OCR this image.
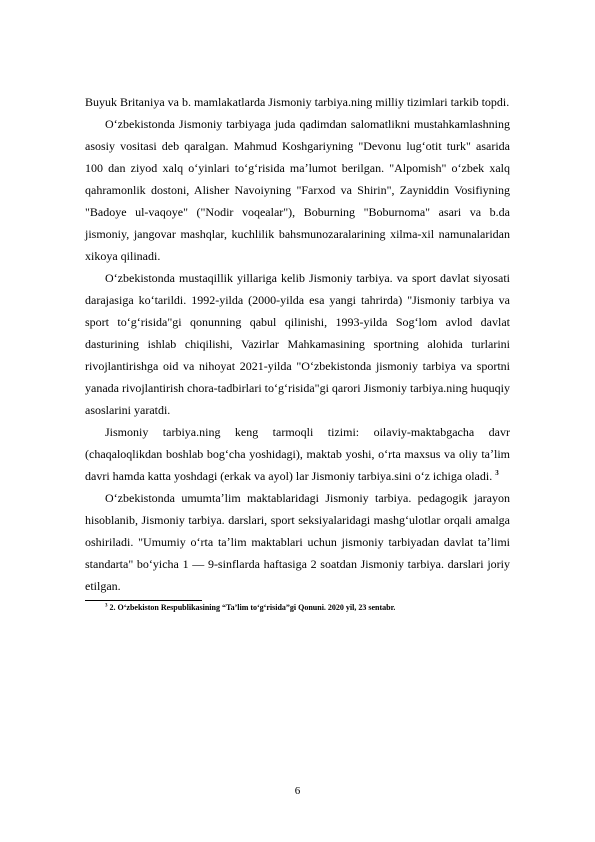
Buyuk Britaniya va b. mamlakatlarda Jismoniy tarbiya.ning milliy tizimlari tarkib topdi.

O‘zbekistonda Jismoniy tarbiyaga juda qadimdan salomatlikni mustahkamlashning asosiy vositasi deb qaralgan. Mahmud Koshgariyning "Devonu lug‘otit turk" asarida 100 dan ziyod xalq o‘yinlari to‘g‘risida maʼlumot berilgan. "Alpomish" o‘zbek xalq qahramonlik dostoni, Alisher Navoiyning "Farxod va Shirin", Zayniddin Vosifiyning "Badoye ul-vaqoye" ("Nodir voqealar"), Boburning "Boburnoma" asari va b.da jismoniy, jangovar mashqlar, kuchlilik bahsmunozaralarining xilma-xil namunalaridan xikoya qilinadi.

O‘zbekistonda mustaqillik yillariga kelib Jismoniy tarbiya. va sport davlat siyosati darajasiga ko‘tarildi. 1992-yilda (2000-yilda esa yangi tahrirda) "Jismoniy tarbiya va sport to‘g‘risida"gi qonunning qabul qilinishi, 1993-yilda Sog‘lom avlod davlat dasturining ishlab chiqilishi, Vazirlar Mahkamasining sportning alohida turlarini rivojlantirishga oid va nihoyat 2021-yilda "O‘zbekistonda jismoniy tarbiya va sportni yanada rivojlantirish chora-tadbirlari to‘g‘risida"gi qarori Jismoniy tarbiya.ning huquqiy asoslarini yaratdi.

Jismoniy tarbiya.ning keng tarmoqli tizimi: oilaviy-maktabgacha davr (chaqaloqlikdan boshlab bog‘cha yoshidagi), maktab yoshi, o‘rta maxsus va oliy taʼlim davri hamda katta yoshdagi (erkak va ayol) lar Jismoniy tarbiya.sini o‘z ichiga oladi. $^3$

O‘zbekistonda umumtaʼlim maktablaridagi Jismoniy tarbiya. pedagogik jarayon hisoblanib, Jismoniy tarbiya. darslari, sport seksiyalaridagi mashg‘ulotlar orqali amalga oshiriladi. "Umumiy o‘rta taʼlim maktablari uchun jismoniy tarbiyadan davlat taʼlimi standarta" bo‘yicha 1 — 9-sinflarda haftasiga 2 soatdan Jismoniy tarbiya. darslari joriy etilgan.

$^3$ 2. O‘zbekiston Respublikasining “Taʼlim to‘g‘risida”gi Qonuni. 2020 yil, 23 sentabr.
6
